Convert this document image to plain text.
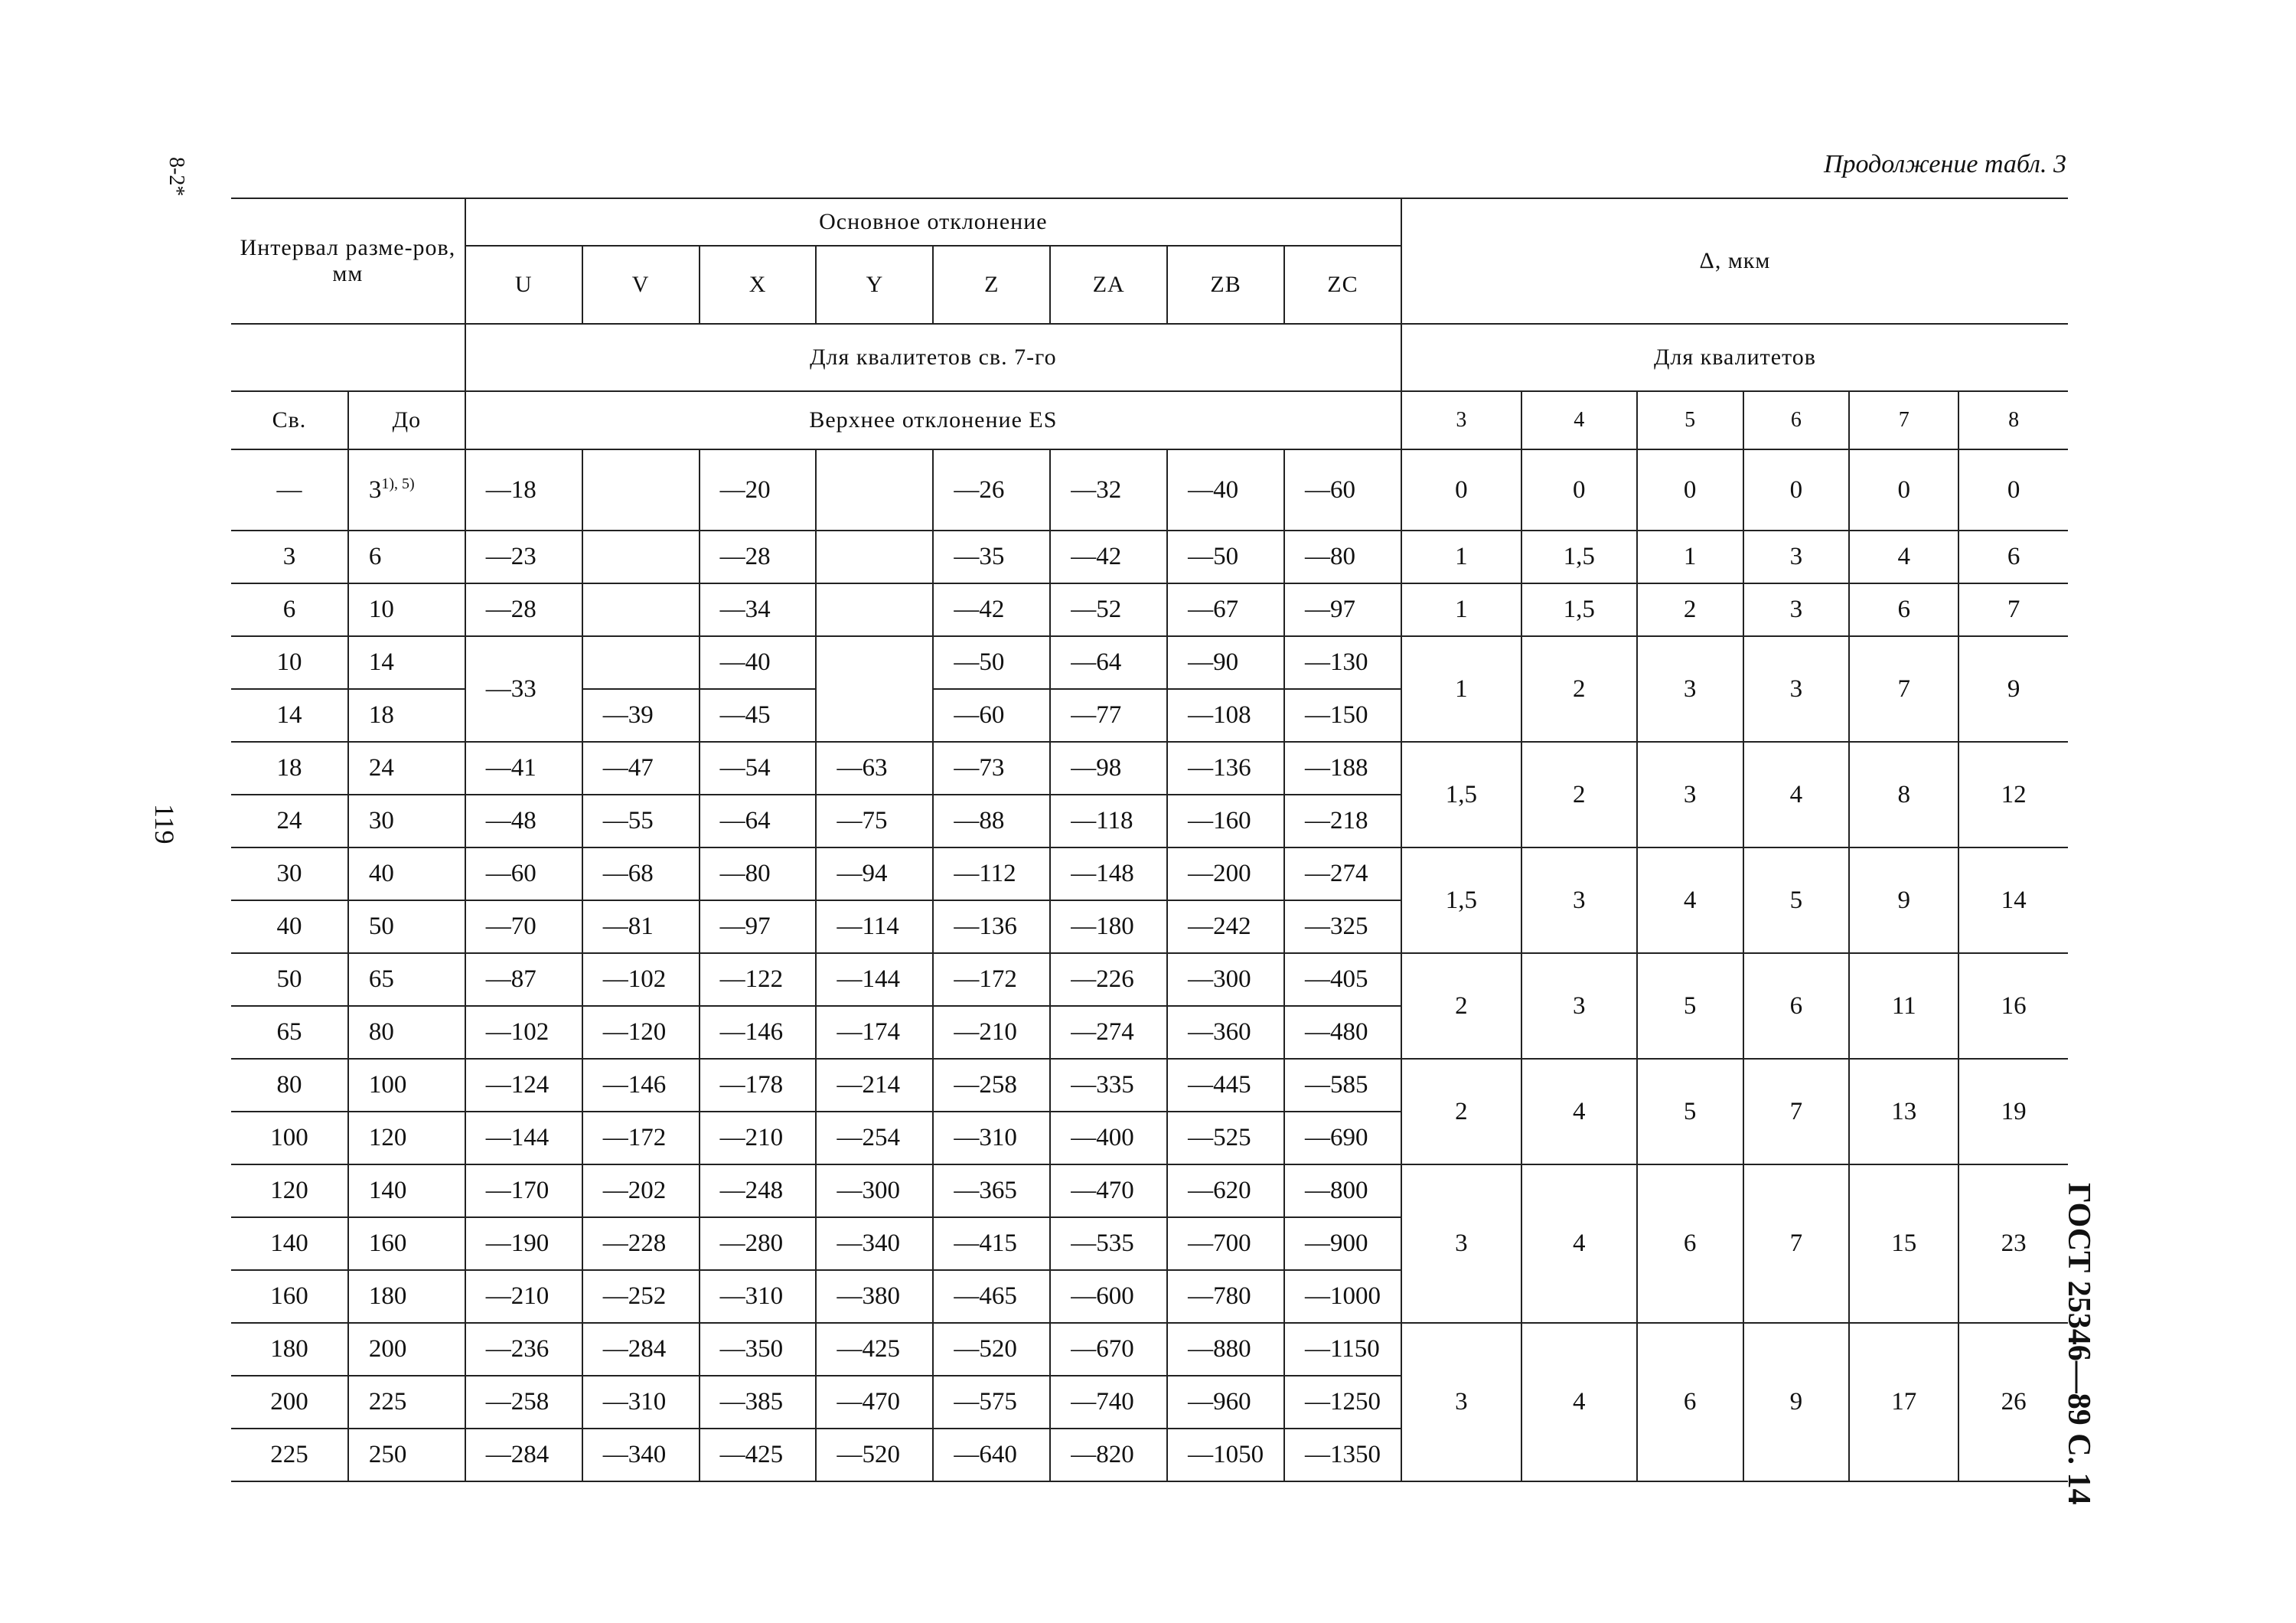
Продолжение табл. 3
8-2*
119
ГОСТ 25346—89 С. 14
Интервал разме-ров, мм		Основное отклонение								Δ, мкм					
		U	V	X	Y	Z	ZA	ZB	ZC						
		Для квалитетов св. 7-го								Для квалитетов					
Св.	До	Верхнее отклонение ES								3	4	5	6	7	8
—	$3^{1), 5)}$	—18		—20		—26	—32	—40	—60	0	0	0	0	0	0
3	6	—23		—28		—35	—42	—50	—80	1	1,5	1	3	4	6
6	10	—28		—34		—42	—52	—67	—97	1	1,5	2	3	6	7
10	14	—33		—40		—50	—64	—90	—130	1	2	3	3	7	9
14	18		—39	—45		—60	—77	—108	—150						
18	24	—41	—47	—54	—63	—73	—98	—136	—188	1,5	2	3	4	8	12
24	30	—48	—55	—64	—75	—88	—118	—160	—218						
30	40	—60	—68	—80	—94	—112	—148	—200	—274	1,5	3	4	5	9	14
40	50	—70	—81	—97	—114	—136	—180	—242	—325						
50	65	—87	—102	—122	—144	—172	—226	—300	—405	2	3	5	6	11	16
65	80	—102	—120	—146	—174	—210	—274	—360	—480						
80	100	—124	—146	—178	—214	—258	—335	—445	—585	2	4	5	7	13	19
100	120	—144	—172	—210	—254	—310	—400	—525	—690						
120	140	—170	—202	—248	—300	—365	—470	—620	—800	3	4	6	7	15	23
140	160	—190	—228	—280	—340	—415	—535	—700	—900						
160	180	—210	—252	—310	—380	—465	—600	—780	—1000						
180	200	—236	—284	—350	—425	—520	—670	—880	—1150	3	4	6	9	17	26
200	225	—258	—310	—385	—470	—575	—740	—960	—1250						
225	250	—284	—340	—425	—520	—640	—820	—1050	—1350						
